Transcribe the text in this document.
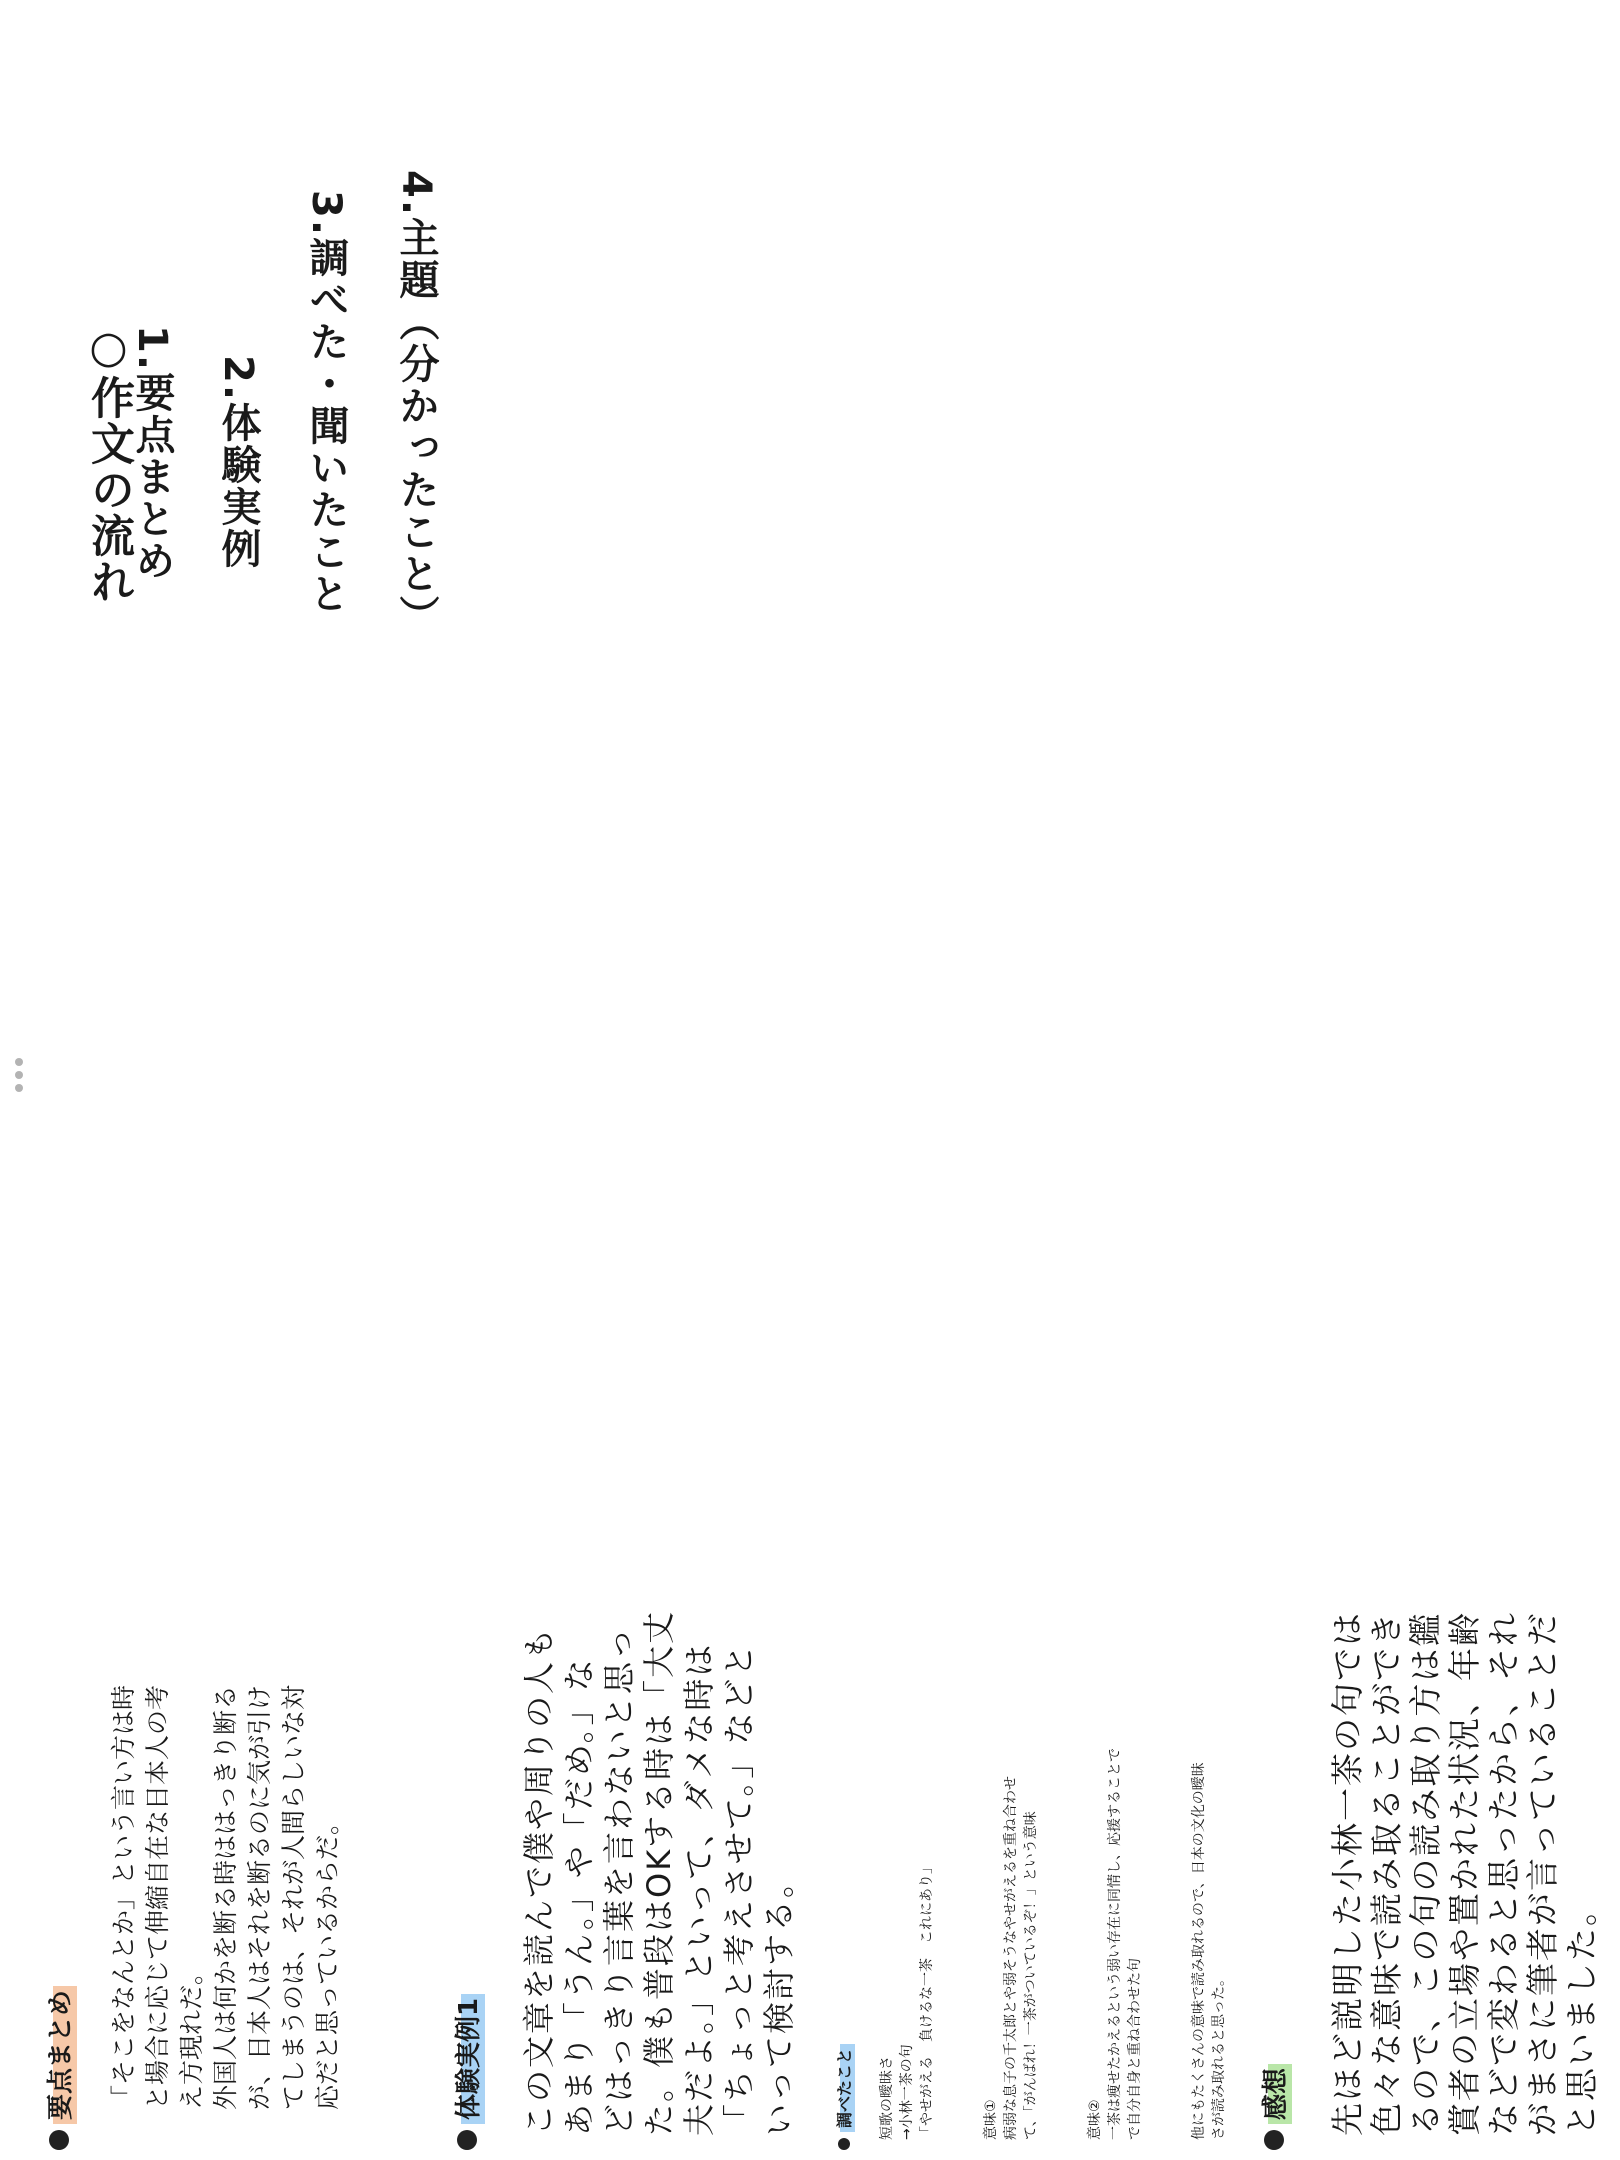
○作文の流れ
1.要点まとめ 2.体験実例 3.調べた・聞いたこと 4.主題（分かったこと）
要点まとめ 「そこをなんとか」という言い方は時 と場合に応じて伸縮自在な日本人の考 え方現れだ。 外国人は何かを断る時ははっきり断る が、日本人はそれを断るのに気が引け てしまうのは、それが人間らしいな対 応だと思っているからだ。	体験実例1 この文章を読んで僕や周りの人も あまり「うん。」や「だめ。」な どはっきり言葉を言わないと思っ た。僕も普段はOKする時は「大丈 夫だよ。」といって、ダメな時は 「ちょっと考えさせて。」などと いって検討する。 調べたこと 短歌の曖昧さ →小林一茶の句 「やせがえる　負けるな一茶　これにあり」	意味① 病弱な息子の千太郎とや弱そうなやせがえるを重ね合わせ て、「がんばれ！一茶がついているぞ！」という意味	意味② 一茶は痩せたかえるという弱い存在に同情し、応援することで で自分自身と重ね合わせた句	他にもたくさんの意味で読み取れるので、日本の文化の曖昧 さが読み取れると思った。 感想 先ほど説明した小林一茶の句では 色々な意味で読み取ることができ るので、この句の読み取り方は鑑 賞者の立場や置かれた状況、年齢 などで変わると思ったから、それ がまさに筆者が言っていることだ と思いました。
